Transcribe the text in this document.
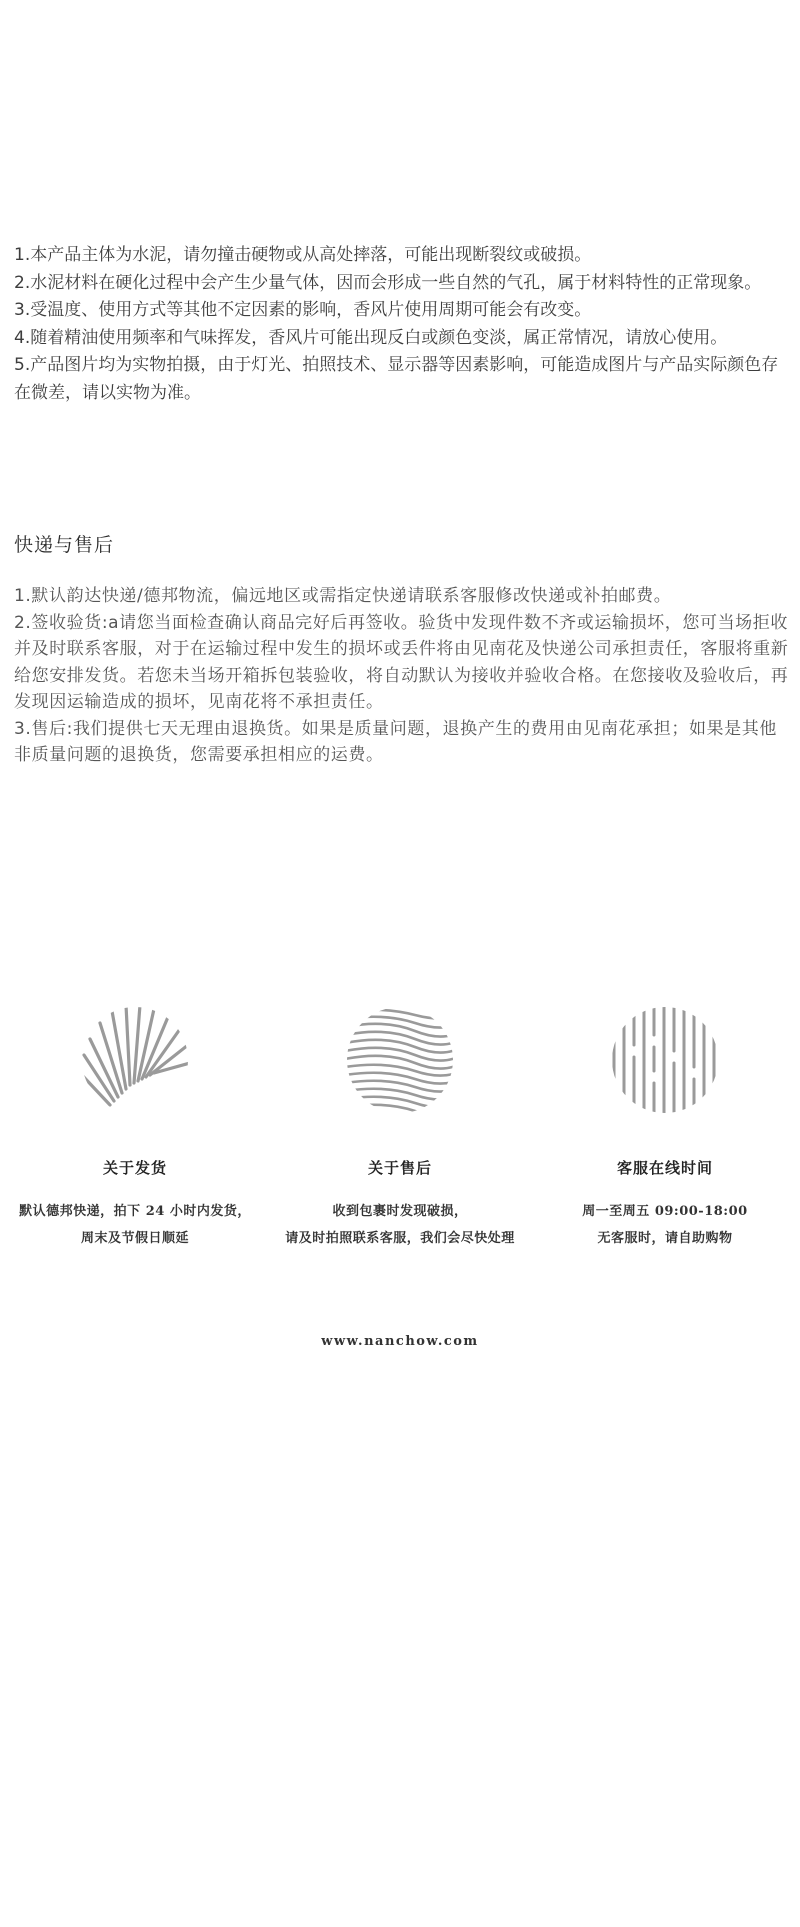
1.本产品主体为水泥，请勿撞击硬物或从高处摔落，可能出现断裂纹或破损。

2.水泥材料在硬化过程中会产生少量气体，因而会形成一些自然的气孔，属于材料特性的正常现象。

3.受温度、使用方式等其他不定因素的影响，香风片使用周期可能会有改变。

4.随着精油使用频率和气味挥发，香风片可能出现反白或颜色变淡，属正常情况，请放心使用。

5.产品图片均为实物拍摄，由于灯光、拍照技术、显示器等因素影响，可能造成图片与产品实际颜色存在微差，请以实物为准。

快递与售后

1.默认韵达快递/德邦物流，偏远地区或需指定快递请联系客服修改快递或补拍邮费。

2.签收验货:a请您当面检查确认商品完好后再签收。验货中发现件数不齐或运输损坏，您可当场拒收并及时联系客服，对于在运输过程中发生的损坏或丢件将由见南花及快递公司承担责任，客服将重新给您安排发货。若您未当场开箱拆包装验收，将自动默认为接收并验收合格。在您接收及验收后，再发现因运输造成的损坏，见南花将不承担责任。

3.售后:我们提供七天无理由退换货。如果是质量问题，退换产生的费用由见南花承担；如果是其他非质量问题的退换货，您需要承担相应的运费。

关于发货
默认德邦快递，拍下 24 小时内发货，
周末及节假日顺延
关于售后
收到包裹时发现破损，
请及时拍照联系客服，我们会尽快处理
客服在线时间
周一至周五 09:00-18:00
无客服时，请自助购物
www.nanchow.com
